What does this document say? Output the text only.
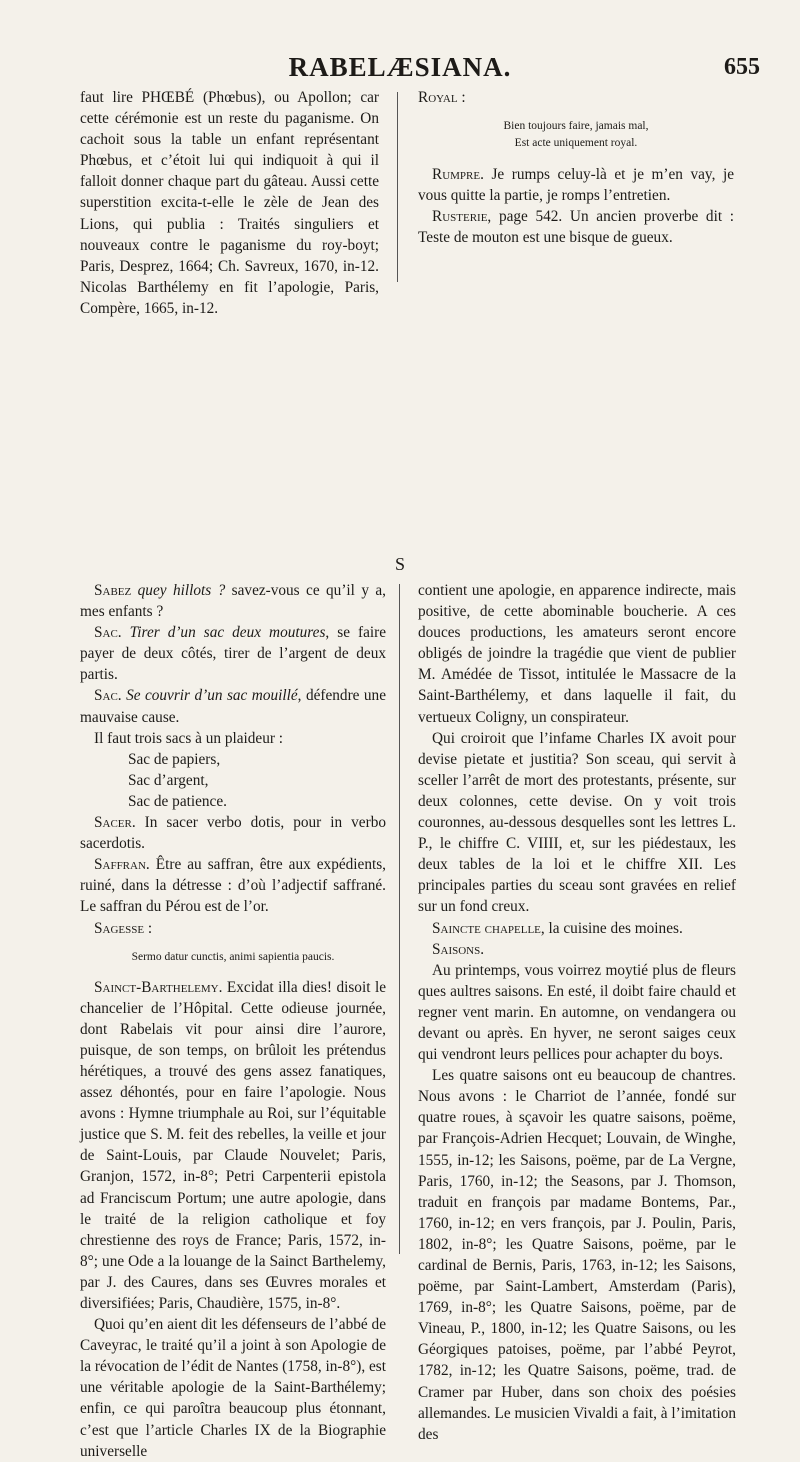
RABELÆSIANA.	655

faut lire PHŒBÉ (Phœbus), ou Apollon; car cette cérémonie est un reste du paganisme. On cachoit sous la table un enfant représentant Phœbus, et c’étoit lui qui indiquoit à qui il falloit donner chaque part du gâteau. Aussi cette superstition excita-t-elle le zèle de Jean des Lions, qui publia : Traités singuliers et nouveaux contre le paganisme du roy-boyt; Paris, Desprez, 1664; Ch. Savreux, 1670, in-12. Nicolas Barthélemy en fit l’apologie, Paris, Compère, 1665, in-12.

Royal :

Bien toujours faire, jamais mal,
Est acte uniquement royal.

Rumpre. Je rumps celuy-là et je m’en vay, je vous quitte la partie, je romps l’entretien.

Rusterie, page 542. Un ancien proverbe dit : Teste de mouton est une bisque de gueux.

S

Sabez quey hillots ? savez-vous ce qu’il y a, mes enfants ?

Sac. Tirer d’un sac deux moutures, se faire payer de deux côtés, tirer de l’argent de deux partis.

Sac. Se couvrir d’un sac mouillé, défendre une mauvaise cause.

Il faut trois sacs à un plaideur :

Sac de papiers,

Sac d’argent,

Sac de patience.

Sacer. In sacer verbo dotis, pour in verbo sacerdotis.

Saffran. Être au saffran, être aux expédients, ruiné, dans la détresse : d’où l’adjectif saffrané. Le saffran du Pérou est de l’or.

Sagesse :

Sermo datur cunctis, animi sapientia paucis.

Sainct-Barthelemy. Excidat illa dies! disoit le chancelier de l’Hôpital. Cette odieuse journée, dont Rabelais vit pour ainsi dire l’aurore, puisque, de son temps, on brûloit les prétendus hérétiques, a trouvé des gens assez fanatiques, assez déhontés, pour en faire l’apologie. Nous avons : Hymne triumphale au Roi, sur l’équitable justice que S. M. feit des rebelles, la veille et jour de Saint-Louis, par Claude Nouvelet; Paris, Granjon, 1572, in-8°; Petri Carpenterii epistola ad Franciscum Portum; une autre apologie, dans le traité de la religion catholique et foy chrestienne des roys de France; Paris, 1572, in-8°; une Ode a la louange de la Sainct Barthelemy, par J. des Caures, dans ses Œuvres morales et diversifiées; Paris, Chaudière, 1575, in-8°.

Quoi qu’en aient dit les défenseurs de l’abbé de Caveyrac, le traité qu’il a joint à son Apologie de la révocation de l’édit de Nantes (1758, in-8°), est une véritable apologie de la Saint-Barthélemy; enfin, ce qui paroîtra beaucoup plus étonnant, c’est que l’article Charles IX de la Biographie universelle

contient une apologie, en apparence indirecte, mais positive, de cette abominable boucherie. A ces douces productions, les amateurs seront encore obligés de joindre la tragédie que vient de publier M. Amédée de Tissot, intitulée le Massacre de la Saint-Barthélemy, et dans laquelle il fait, du vertueux Coligny, un conspirateur.

Qui croiroit que l’infame Charles IX avoit pour devise pietate et justitia? Son sceau, qui servit à sceller l’arrêt de mort des protestants, présente, sur deux colonnes, cette devise. On y voit trois couronnes, au-dessous desquelles sont les lettres L. P., le chiffre C. VIIII, et, sur les piédestaux, les deux tables de la loi et le chiffre XII. Les principales parties du sceau sont gravées en relief sur un fond creux.

Saincte chapelle, la cuisine des moines.

Saisons.

Au printemps, vous voirrez moytié plus de fleurs ques aultres saisons. En esté, il doibt faire chauld et regner vent marin. En automne, on vendangera ou devant ou après. En hyver, ne seront saiges ceux qui vendront leurs pellices pour achapter du boys.

Les quatre saisons ont eu beaucoup de chantres. Nous avons : le Charriot de l’année, fondé sur quatre roues, à sçavoir les quatre saisons, poëme, par François-Adrien Hecquet; Louvain, de Winghe, 1555, in-12; les Saisons, poëme, par de La Vergne, Paris, 1760, in-12; the Seasons, par J. Thomson, traduit en françois par madame Bontems, Par., 1760, in-12; en vers françois, par J. Poulin, Paris, 1802, in-8°; les Quatre Saisons, poëme, par le cardinal de Bernis, Paris, 1763, in-12; les Saisons, poëme, par Saint-Lambert, Amsterdam (Paris), 1769, in-8°; les Quatre Saisons, poëme, par de Vineau, P., 1800, in-12; les Quatre Saisons, ou les Géorgiques patoises, poëme, par l’abbé Peyrot, 1782, in-12; les Quatre Saisons, poëme, trad. de Cramer par Huber, dans son choix des poésies allemandes. Le musicien Vivaldi a fait, à l’imitation des
